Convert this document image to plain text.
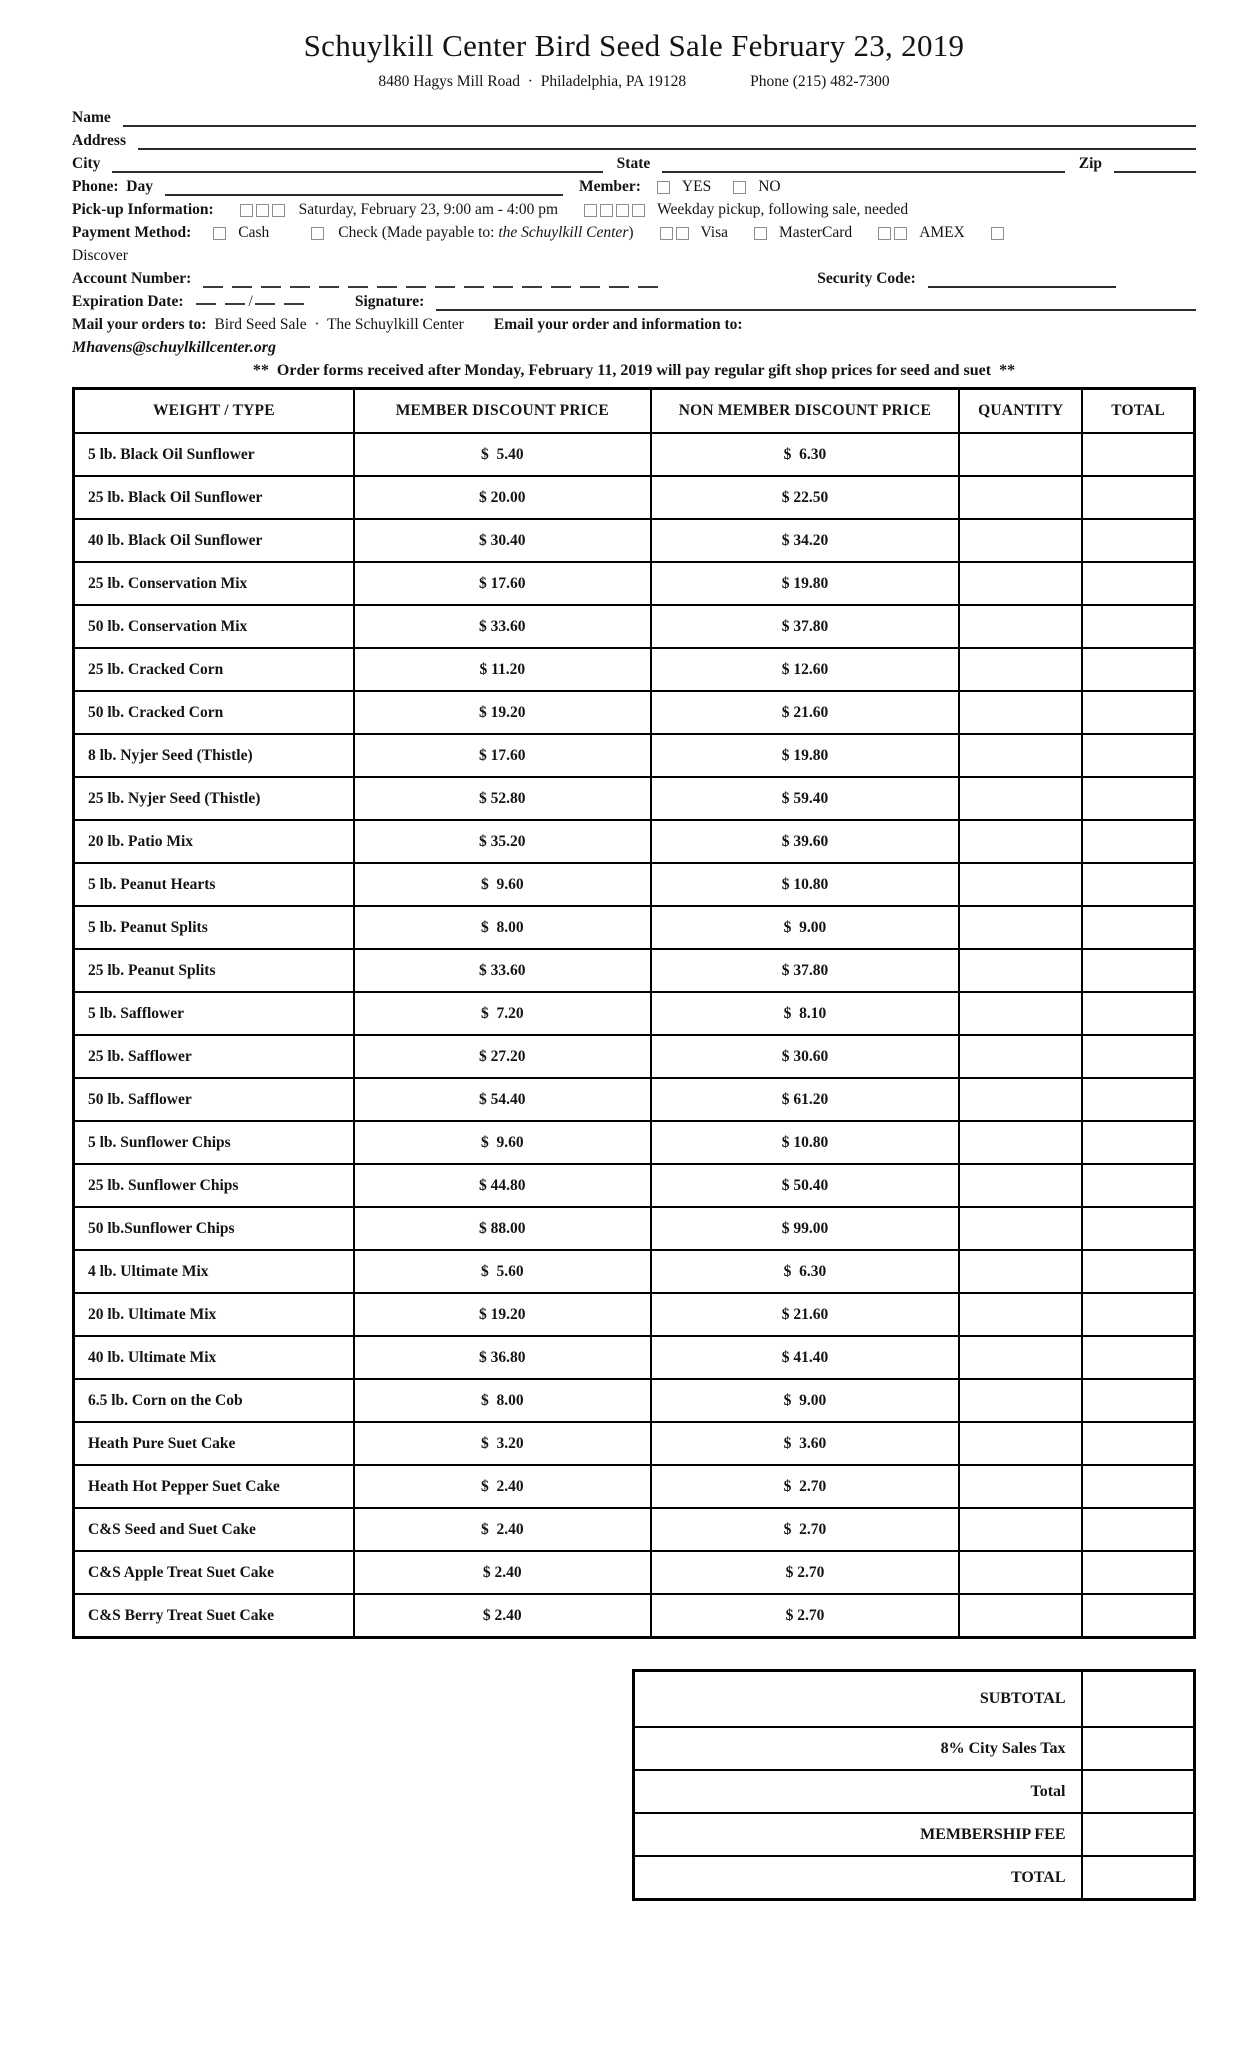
Schuylkill Center Bird Seed Sale February 23, 2019
8480 Hagys Mill Road  ·  Philadelphia, PA 19128	Phone (215) 482-7300
Name
Address
City	State	Zip
Phone:  Day	Member:	YES	NO
Pick-up Information:	Saturday, February 23, 9:00 am - 4:00 pm	Weekday pickup, following sale, needed
Payment Method:	Cash	Check (Made payable to: the Schuylkill Center)	Visa	MasterCard	AMEX
Discover
Account Number:	Security Code:
Expiration Date:	/	Signature:
Mail your orders to: Bird Seed Sale  ·  The Schuylkill Center Email your order and information to:
Mhavens@schuylkillcenter.org
**  Order forms received after Monday, February 11, 2019 will pay regular gift shop prices for seed and suet  **
WEIGHT / TYPE	MEMBER DISCOUNT PRICE	NON MEMBER DISCOUNT PRICE	QUANTITY	TOTAL
5 lb. Black Oil Sunflower	$  5.40	$  6.30		
25 lb. Black Oil Sunflower	$ 20.00	$ 22.50		
40 lb. Black Oil Sunflower	$ 30.40	$ 34.20		
25 lb. Conservation Mix	$ 17.60	$ 19.80		
50 lb. Conservation Mix	$ 33.60	$ 37.80		
25 lb. Cracked Corn	$ 11.20	$ 12.60		
50 lb. Cracked Corn	$ 19.20	$ 21.60		
8 lb. Nyjer Seed (Thistle)	$ 17.60	$ 19.80		
25 lb. Nyjer Seed (Thistle)	$ 52.80	$ 59.40		
20 lb. Patio Mix	$ 35.20	$ 39.60		
5 lb. Peanut Hearts	$  9.60	$ 10.80		
5 lb. Peanut Splits	$  8.00	$  9.00		
25 lb. Peanut Splits	$ 33.60	$ 37.80		
5 lb. Safflower	$  7.20	$  8.10		
25 lb. Safflower	$ 27.20	$ 30.60		
50 lb. Safflower	$ 54.40	$ 61.20		
5 lb. Sunflower Chips	$  9.60	$ 10.80		
25 lb. Sunflower Chips	$ 44.80	$ 50.40		
50 lb.Sunflower Chips	$ 88.00	$ 99.00		
4 lb. Ultimate Mix	$  5.60	$  6.30		
20 lb. Ultimate Mix	$ 19.20	$ 21.60		
40 lb. Ultimate Mix	$ 36.80	$ 41.40		
6.5 lb. Corn on the Cob	$  8.00	$  9.00		
Heath Pure Suet Cake	$  3.20	$  3.60		
Heath Hot Pepper Suet Cake	$  2.40	$  2.70		
C&S Seed and Suet Cake	$  2.40	$  2.70		
C&S Apple Treat Suet Cake	$ 2.40	$ 2.70		
C&S Berry Treat Suet Cake	$ 2.40	$ 2.70		
SUBTOTAL	
8% City Sales Tax	
Total	
MEMBERSHIP FEE	
TOTAL	
